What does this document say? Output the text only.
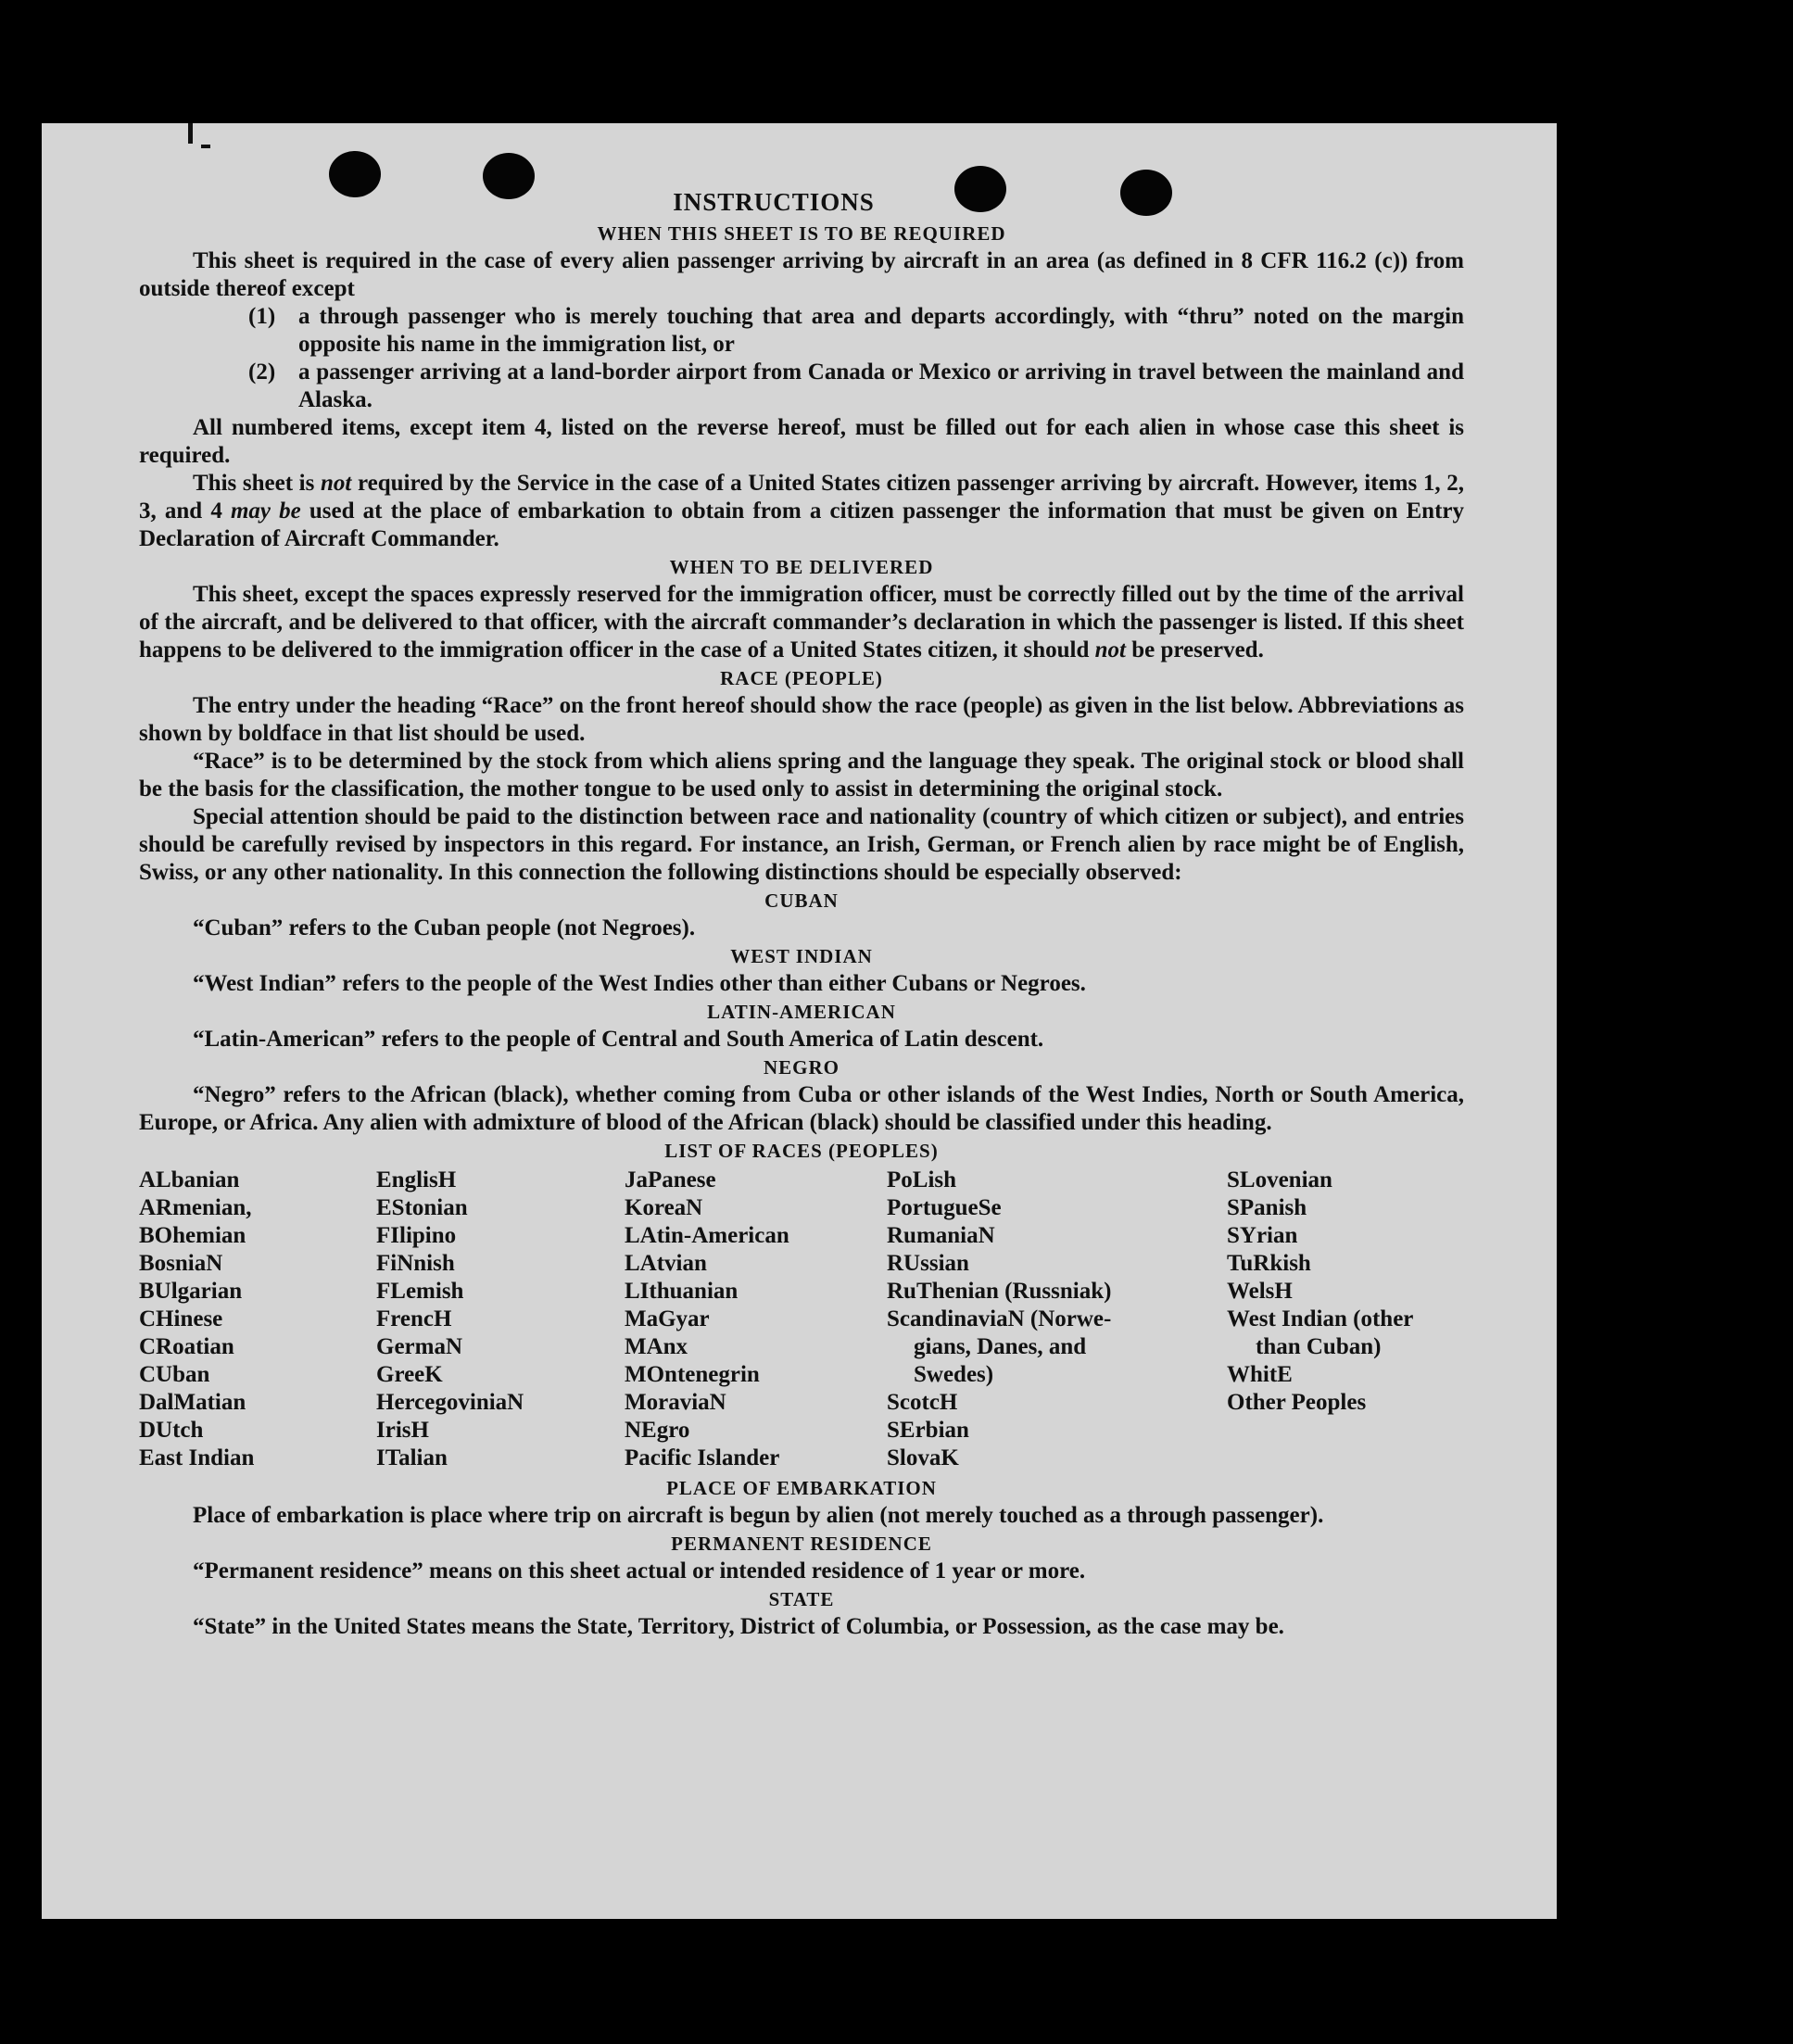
INSTRUCTIONS
WHEN THIS SHEET IS TO BE REQUIRED

This sheet is required in the case of every alien passenger arriving by aircraft in an area (as defined in 8 CFR 116.2 (c)) from outside thereof except

(1) a through passenger who is merely touching that area and departs accordingly, with “thru” noted on the margin opposite his name in the immigration list, or
(2) a passenger arriving at a land-border airport from Canada or Mexico or arriving in travel between the mainland and Alaska.

All numbered items, except item 4, listed on the reverse hereof, must be filled out for each alien in whose case this sheet is required.

This sheet is not required by the Service in the case of a United States citizen passenger arriving by aircraft. However, items 1, 2, 3, and 4 may be used at the place of embarkation to obtain from a citizen passenger the information that must be given on Entry Declaration of Aircraft Commander.

WHEN TO BE DELIVERED

This sheet, except the spaces expressly reserved for the immigration officer, must be correctly filled out by the time of the arrival of the aircraft, and be delivered to that officer, with the aircraft commander’s declaration in which the passenger is listed. If this sheet happens to be delivered to the immigration officer in the case of a United States citizen, it should not be preserved.

RACE (PEOPLE)

The entry under the heading “Race” on the front hereof should show the race (people) as given in the list below. Abbreviations as shown by boldface in that list should be used.

“Race” is to be determined by the stock from which aliens spring and the language they speak. The original stock or blood shall be the basis for the classification, the mother tongue to be used only to assist in determining the original stock.

Special attention should be paid to the distinction between race and nationality (country of which citizen or subject), and entries should be carefully revised by inspectors in this regard. For instance, an Irish, German, or French alien by race might be of English, Swiss, or any other nationality. In this connection the following distinctions should be especially observed:

CUBAN

“Cuban” refers to the Cuban people (not Negroes).

WEST INDIAN

“West Indian” refers to the people of the West Indies other than either Cubans or Negroes.

LATIN-AMERICAN

“Latin-American” refers to the people of Central and South America of Latin descent.

NEGRO

“Negro” refers to the African (black), whether coming from Cuba or other islands of the West Indies, North or South America, Europe, or Africa. Any alien with admixture of blood of the African (black) should be classified under this heading.

LIST OF RACES (PEOPLES)
ALbanian
ARmenian,
BOhemian
BosniaN
BUlgarian
CHinese
CRoatian
CUban
DalMatian
DUtch
East Indian
EnglisH
EStonian
FIlipino
FiNnish
FLemish
FrencH
GermaN
GreeK
HercegoviniaN
IrisH
ITalian
JaPanese
KoreaN
LAtin-American
LAtvian
LIthuanian
MaGyar
MAnx
MOntenegrin
MoraviaN
NEgro
Pacific Islander
PoLish
PortugueSe
RumaniaN
RUssian
RuThenian (Russniak)
ScandinaviaN (Norwe-
gians, Danes, and
Swedes)
ScotcH
SErbian
SlovaK
SLovenian
SPanish
SYrian
TuRkish
WelsH
West Indian (other
than Cuban)
WhitE
Other Peoples
PLACE OF EMBARKATION

Place of embarkation is place where trip on aircraft is begun by alien (not merely touched as a through passenger).

PERMANENT RESIDENCE

“Permanent residence” means on this sheet actual or intended residence of 1 year or more.

STATE

“State” in the United States means the State, Territory, District of Columbia, or Possession, as the case may be.
